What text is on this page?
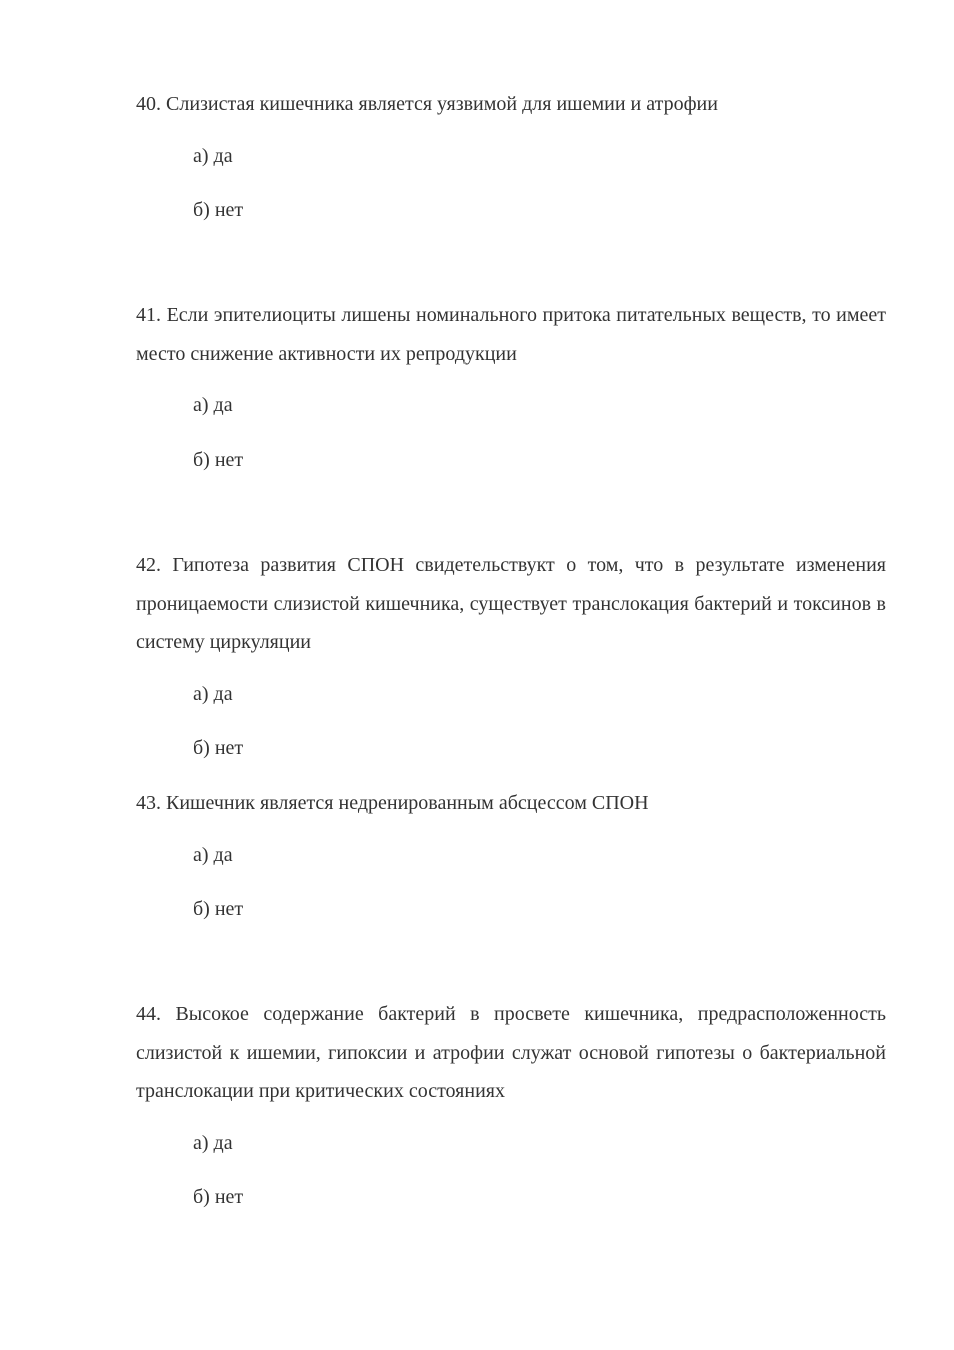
40. Слизистая кишечника является уязвимой для ишемии и атрофии

а) да

б) нет

41. Если эпителиоциты лишены номинального притока питательных веществ, то имеет место снижение активности их репродукции

а) да

б) нет

42. Гипотеза развития СПОН свидетельствукт о том, что в результате изменения проницаемости слизистой кишечника, существует транслокация бактерий и токсинов в систему циркуляции

а) да

б) нет

43. Кишечник является недренированным абсцессом СПОН

а) да

б) нет

44. Высокое содержание бактерий в просвете кишечника, предрасположенность слизистой к ишемии, гипоксии и атрофии служат основой гипотезы о бактериальной транслокации при критических состояниях

а) да

б) нет
